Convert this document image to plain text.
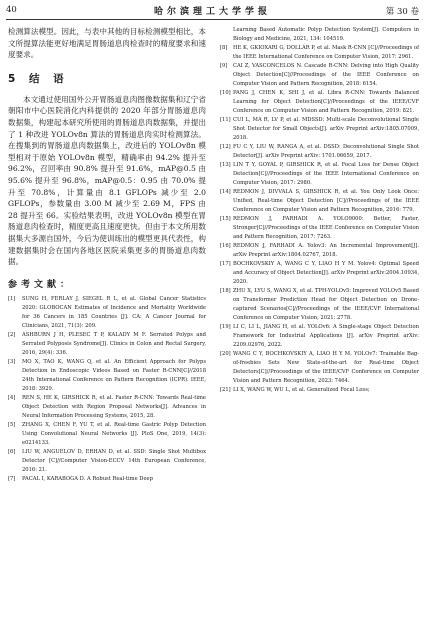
40	哈尔滨理工大学学报	第 30 卷

检测算法模型。因此，与表中其他的目标检测模型相比，本文所提算法能更好地满足胃肠道息肉检查时的精度要求和速度要求。

5 结 语

本文通过使用国外公开胃肠道息肉图像数据集和辽宁省朝阳市中心医院消化内科提供的 2020 年部分胃肠道息肉数据集，构建起本研究所使用的胃肠道息肉数据集，并提出了 1 种改进 YOLOv8n 算法的胃肠道息肉实时检测算法。在搜集到的胃肠道息肉数据集上，改进后的 YOLOv8n 模型相对于原始 YOLOv8n 模型，精确率由 94.2% 提升至 96.2%，召回率由 90.8% 提升至 91.6%，mAP@0.5 由 95.6% 提升至 96.8%，mAP@0.5：0.95 由 70.0% 提升至 70.8%，计算量由 8.1 GFLOPs 减少至 2.0 GFLOPs，参数量由 3.00 M 减少至 2.69 M，FPS 由 28 提升至 66。实验结果表明，改进 YOLOv8n 模型在胃肠道息肉检查时，精度更高且速度更快。但由于本文所用数据集大多源自国外，今后为使训练出的模型更具代表性，构建数据集时会在国内各地区医院采集更多的胃肠道息肉数据。

参考文献：
[1] SUNG H, FERLAY J, SIEGEL R L, et al. Global Cancer Statistics 2020: GLOBOCAN Estimates of Incidence and Mortality Worldwide for 36 Cancers in 185 Countries [J]. CA: A Cancer Journal for Clinicians, 2021, 71(3): 209.
[2] ASHBURN J H, PLESEC T P, KALADY M F. Serrated Polyps and Serrated Polyposis Syndrome[J]. Clinics in Colon and Rectal Surgery, 2016, 29(4): 336.
[3] MO X, TAO K, WANG Q, et al. An Efficient Approach for Polyps Detection in Endoscopic Videos Based on Faster R-CNN[C]//2018 24th International Conference on Pattern Recognition (ICPR). IEEE, 2018: 3929.
[4] REN S, HE K, GIRSHICK R, et al. Faster R-CNN: Towards Real-time Object Detection with Region Proposal Networks[J]. Advances in Neural Information Processing Systems, 2015, 28.
[5] ZHANG X, CHEN F, YU T, et al. Real-time Gastric Polyp Detection Using Convolutional Neural Networks [J]. PloS One, 2019, 14(3): e0214133.
[6] LIU W, ANGUELOV D, ERHAN D, et al. SSD: Single Shot Multibox Detector [C]//Computer Vision-ECCV 14th European Conference, 2016: 21.
[7] PACAL I, KARABOGA D. A Robust Real-time Deep
Learning Based Automatic Polyp Detection System[J]. Computers in Biology and Medicine, 2021, 134: 104519.
[8] HE K, GKIOXARI G, DOLLÁR P, et al. Mask R-CNN [C]//Proceedings of the IEEE International Conference on Computer Vision, 2017: 2961.
[9] CAI Z, VASCONCELOS N. Cascade R-CNN: Delving into High Quality Object Detection[C]//Proceedings of the IEEE Conference on Computer Vision and Pattern Recognition, 2018: 6154.
[10] PANG J, CHEN K, SHI J, et al. Libra R-CNN: Towards Balanced Learning for Object Detection[C]//Proceedings of the IEEE/CVF Conference on Computer Vision and Pattern Recognition, 2019: 821.
[11] CUI L, MA R, LV P, et al. MDSSD: Multi-scale Deconvolutional Single Shot Detector for Small Objects[J]. arXiv Preprint arXiv:1805.07009, 2018.
[12] FU C Y, LIU W, RANGA A, et al. DSSD: Deconvolutional Single Shot Detector[J]. arXiv Preprint arXiv: 1701.06659, 2017.
[13] LIN T Y, GOYAL P, GIRSHICK R, et al. Focal Loss for Dense Object Detection[C]//Proceedings of the IEEE International Conference on Computer Vision, 2017: 2980.
[14] REDMON J, DIVVALA S, GIRSHICK R, et al. You Only Look Once: Unified, Real-time Object Detection [C]//Proceedings of the IEEE Conference on Computer Vision and Pattern Recognition, 2016: 779.
[15] REDMON J, FARHADI A. YOLO9000: Better, Faster, Stronger[C]//Proceedings of the IEEE Conference on Computer Vision and Pattern Recognition, 2017: 7263.
[16] REDMON J, FARHADI A. Yolov3: An Incremental Improvement[J]. arXiv Preprint arXiv:1804.02767, 2018.
[17] BOCHKOVSKIY A, WANG C Y, LIAO H Y M. Yolov4: Optimal Speed and Accuracy of Object Detection[J]. arXiv Preprint arXiv:2004.10934, 2020.
[18] ZHU X, LYU S, WANG X, et al. TPH-YOLOv5: Improved YOLOv5 Based on Transformer Prediction Head for Object Detection on Drone-captured Scenarios[C]//Proceedings of the IEEE/CVF International Conference on Computer Vision, 2021: 2778.
[19] LI C, LI L, JIANG H, et al. YOLOv6: A Single-stage Object Detection Framework for Industrial Applications [J]. arXiv Preprint arXiv: 2209.02976, 2022.
[20] WANG C Y, BOCHKOVSKIY A, LIAO H Y M. YOLOv7: Trainable Bag-of-freebies Sets New State-of-the-art for Real-time Object Detectors[C]//Proceedings of the IEEE/CVF Conference on Computer Vision and Pattern Recognition, 2023: 7464.
[21] LI X, WANG W, WU L, et al. Generalized Focal Loss;
